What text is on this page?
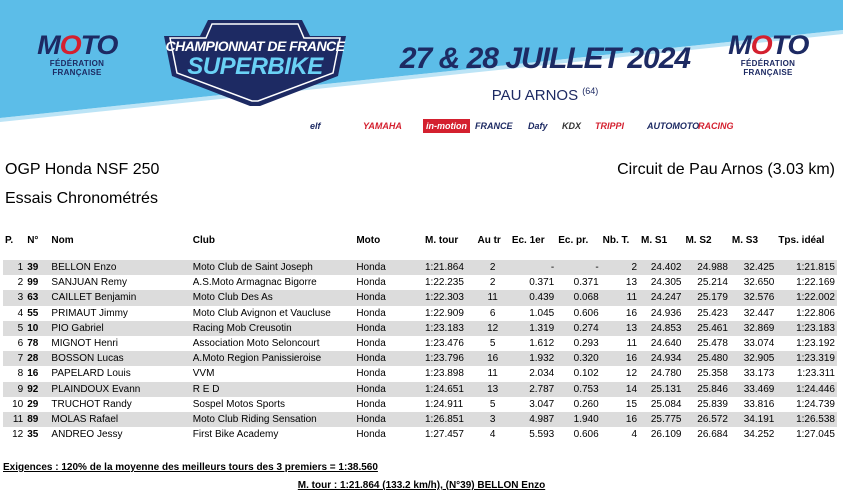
MOTO
FÉDÉRATION
FRANÇAISE
CHAMPIONNAT DE FRANCE
SUPERBIKE	27 & 28 JUILLET 2024
PAU ARNOS $^{(64)}$
MOTO
FÉDÉRATION
FRANÇAISE
elf	YAMAHA	in-motion FRANCE Dafy KDX TRIPPI	AUTOMOTO
RACING
OGP Honda NSF 250	Circuit de Pau Arnos (3.03 km)
Essais Chronométrés
P.	N°	Nom	Club	Moto	M. tour	Au tr	Ec. 1er	Ec. pr.	Nb. T.	M. S1	M. S2	M. S3	Tps. idéal

1	39	BELLON Enzo	Moto Club de Saint Joseph	Honda	1:21.864	2	-	-	2	24.402	24.988	32.425	1:21.815
2	99	SANJUAN Remy	A.S.Moto Armagnac Bigorre	Honda	1:22.235	2	0.371	0.371	13	24.305	25.214	32.650	1:22.169
3	63	CAILLET Benjamin	Moto Club Des As	Honda	1:22.303	11	0.439	0.068	11	24.247	25.179	32.576	1:22.002
4	55	PRIMAUT Jimmy	Moto Club Avignon et Vaucluse	Honda	1:22.909	6	1.045	0.606	16	24.936	25.423	32.447	1:22.806
5	10	PIO Gabriel	Racing Mob Creusotin	Honda	1:23.183	12	1.319	0.274	13	24.853	25.461	32.869	1:23.183
6	78	MIGNOT Henri	Association Moto Seloncourt	Honda	1:23.476	5	1.612	0.293	11	24.640	25.478	33.074	1:23.192
7	28	BOSSON Lucas	A.Moto Region Panissieroise	Honda	1:23.796	16	1.932	0.320	16	24.934	25.480	32.905	1:23.319
8	16	PAPELARD Louis	VVM	Honda	1:23.898	11	2.034	0.102	12	24.780	25.358	33.173	1:23.311
9	92	PLAINDOUX Evann	R E D	Honda	1:24.651	13	2.787	0.753	14	25.131	25.846	33.469	1:24.446
10	29	TRUCHOT Randy	Sospel Motos Sports	Honda	1:24.911	5	3.047	0.260	15	25.084	25.839	33.816	1:24.739
11	89	MOLAS Rafael	Moto Club Riding Sensation	Honda	1:26.851	3	4.987	1.940	16	25.775	26.572	34.191	1:26.538
12	35	ANDREO Jessy	First Bike Academy	Honda	1:27.457	4	5.593	0.606	4	26.109	26.684	34.252	1:27.045
Exigences : 120% de la moyenne des meilleurs tours des 3 premiers = 1:38.560
M. tour : 1:21.864 (133.2 km/h), (N°39) BELLON Enzo
